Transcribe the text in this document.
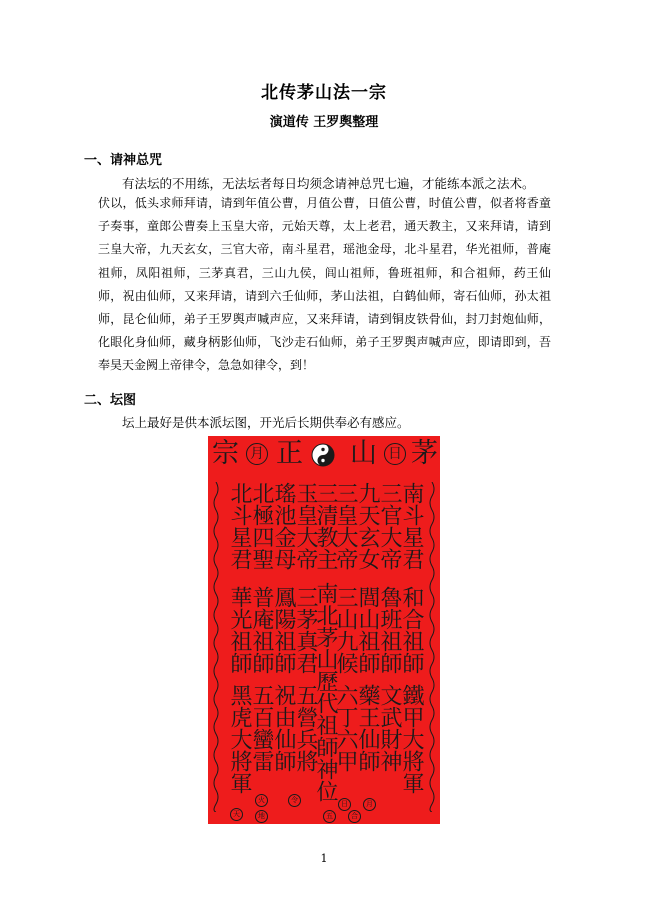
北传茅山法一宗
演道传 王罗舆整理
一、请神总咒
有法坛的不用练，无法坛者每日均须念请神总咒七遍，才能练本派之法术。
伏以，低头求师拜请，请到年值公曹，月值公曹，日值公曹，时值公曹，似者将香童子奏事，童郎公曹奏上玉皇大帝，元始天尊，太上老君，通天教主，又来拜请，请到三皇大帝，九天玄女，三官大帝，南斗星君，瑶池金母，北斗星君，华光祖师，普庵祖师，凤阳祖师，三茅真君，三山九侯，闾山祖师，鲁班祖师，和合祖师，药王仙师，祝由仙师，又来拜请，请到六壬仙师，茅山法祖，白鹤仙师，寄石仙师，孙太祖师，昆仑仙师，弟子王罗舆声喊声应，又来拜请，请到铜皮铁骨仙，封刀封炮仙师，化眼化身仙师，藏身柄影仙师，飞沙走石仙师，弟子王罗舆声喊声应，即请即到，吾奉昊天金阙上帝律令，急急如律令，到！
二、坛图
坛上最好是供本派坛图，开光后长期供奉必有感应。
宗 月 正 山 日 茅
南斗星君
三官大帝
九天玄女
三皇大帝
三清教主
玉皇大帝
瑤池金母
北極四聖
北斗星君
和合祖師
魯班祖師
閭山祖師
三山九候
三茅真君
鳳陽祖師
普庵祖師
華光祖師	南北茅山歷代祖師神位	鐵甲大將軍
文武財神
藥王仙師
六丁六甲
五營兵將
祝由仙師
五百蠻雷
黑虎大將軍
火	令	日	月
天	地	五	合
1
